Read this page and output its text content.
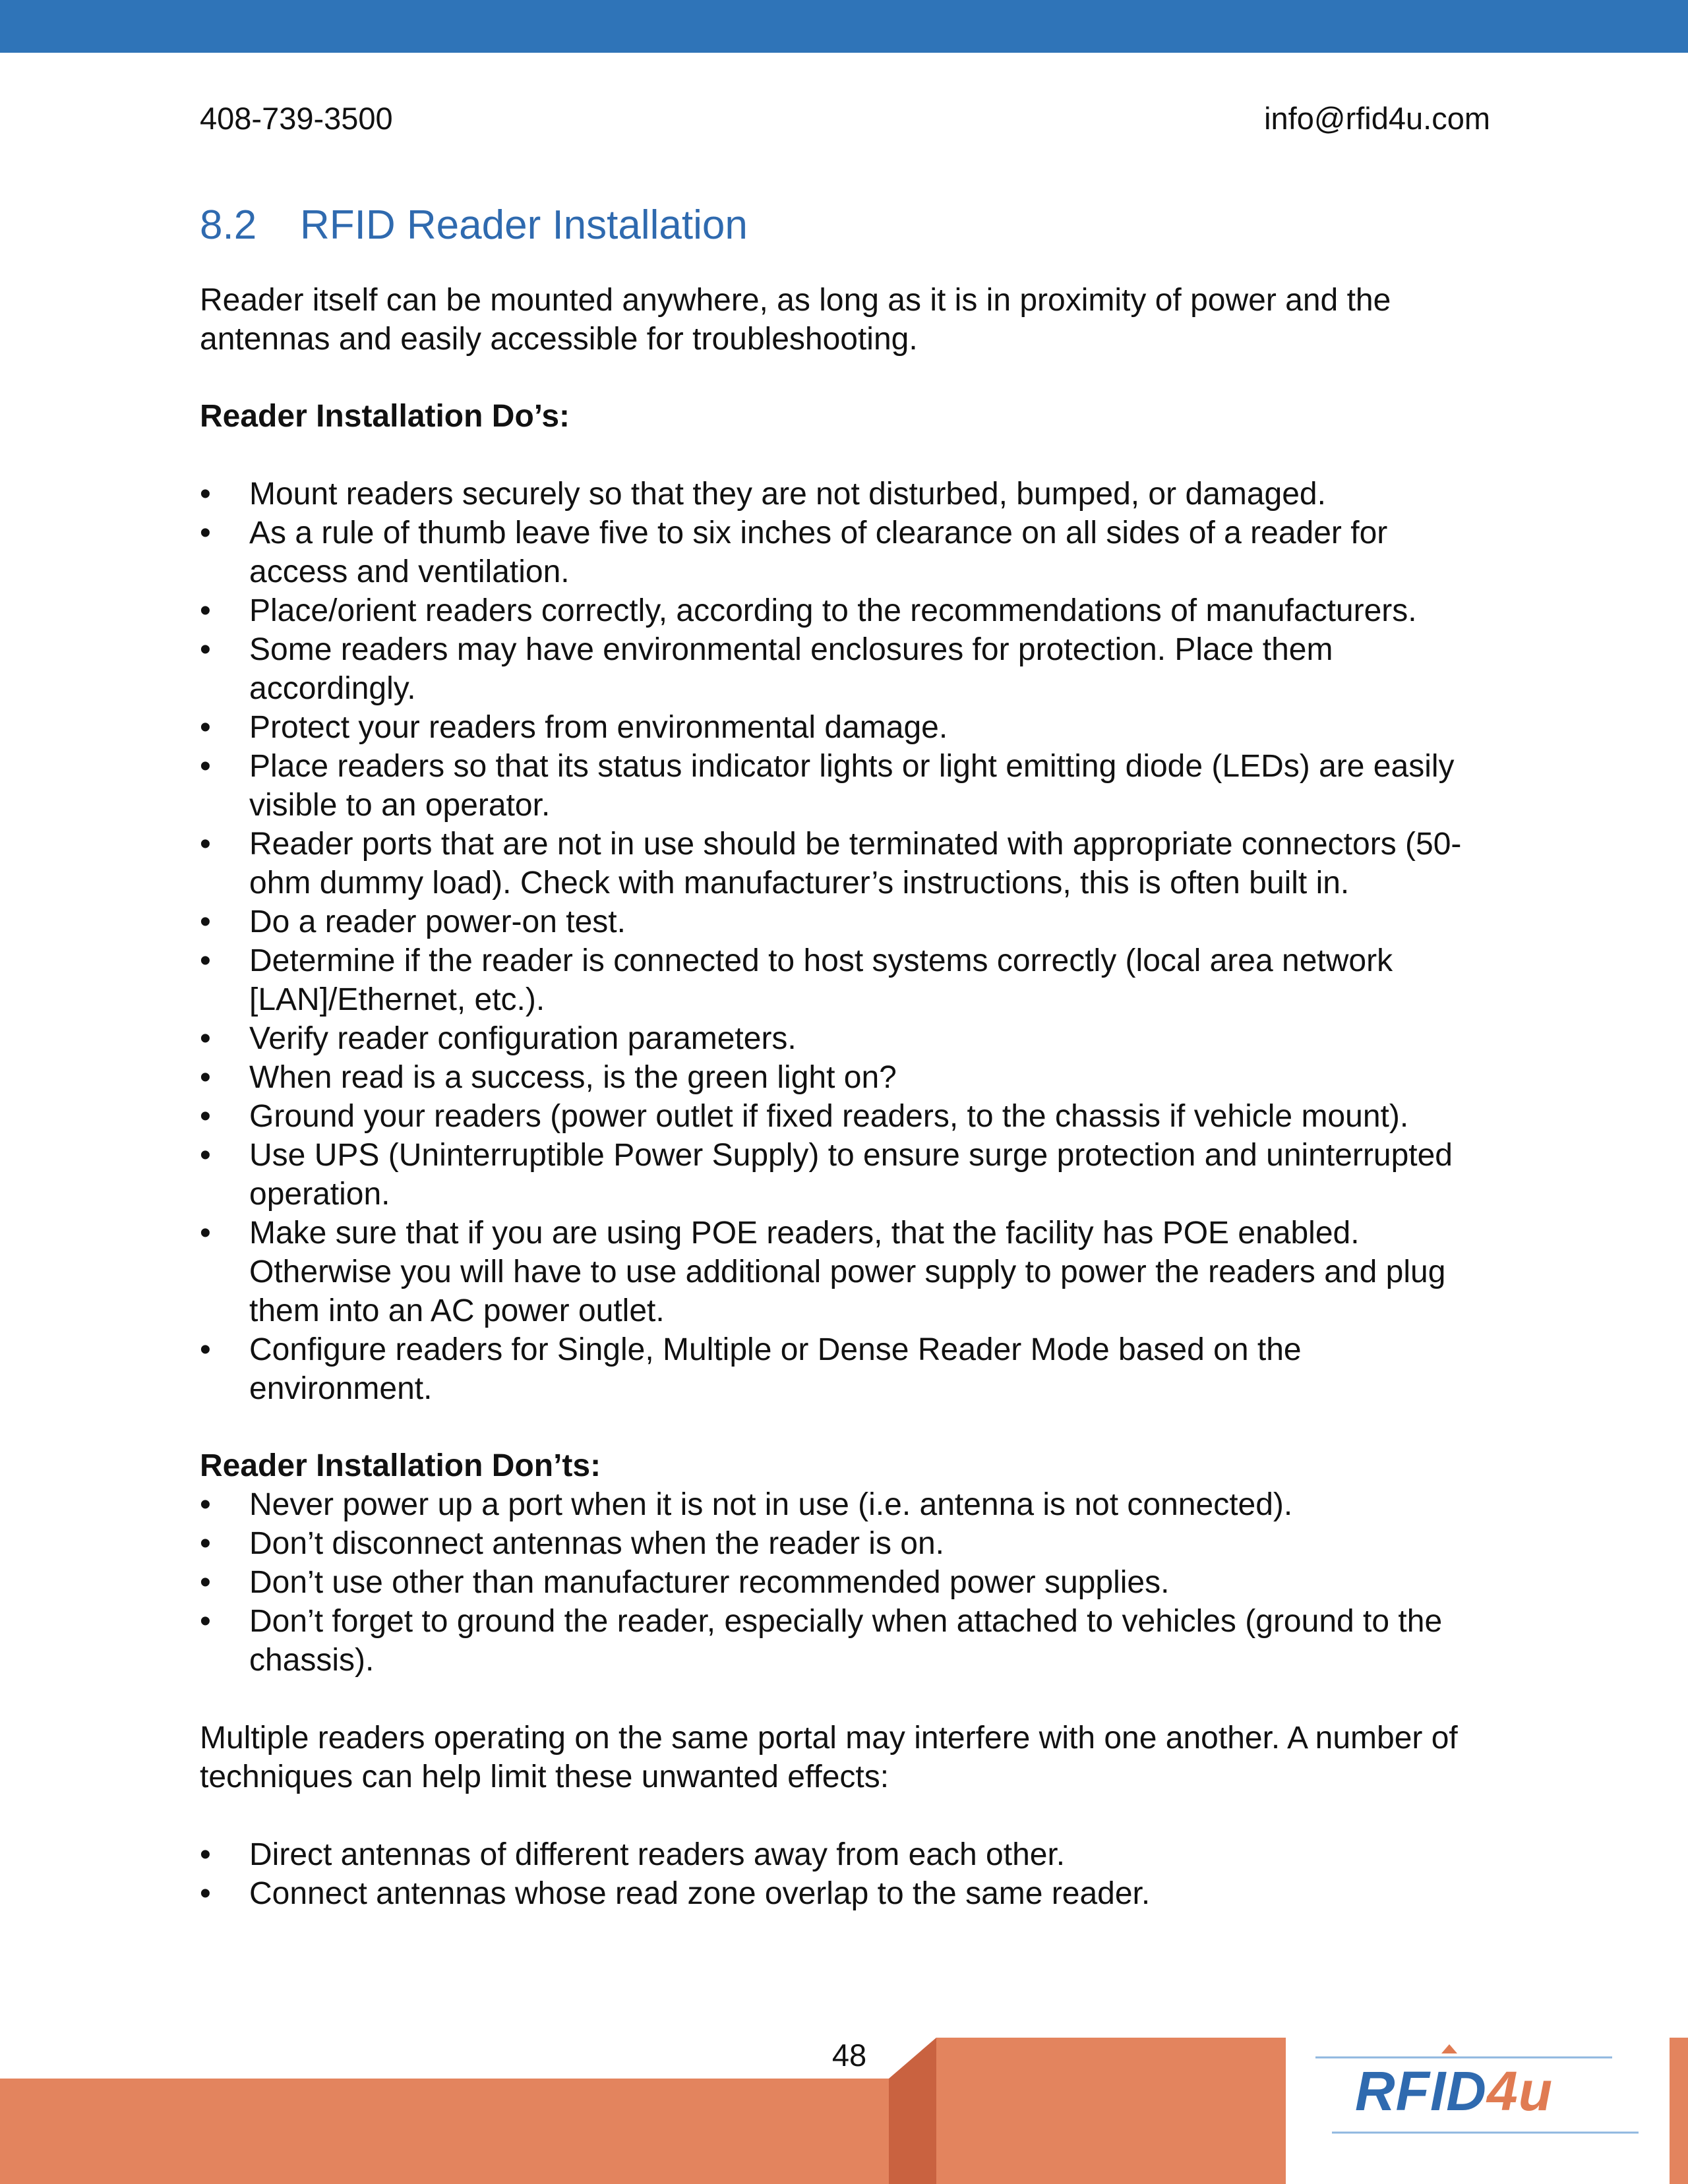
408-739-3500	info@rfid4u.com
8.2	RFID Reader Installation

Reader itself can be mounted anywhere, as long as it is in proximity of power and the antennas and easily accessible for troubleshooting.

Reader Installation Do’s:

• Mount readers securely so that they are not disturbed, bumped, or damaged.
• As a rule of thumb leave five to six inches of clearance on all sides of a reader for access and ventilation.
• Place/orient readers correctly, according to the recommendations of manufacturers.
• Some readers may have environmental enclosures for protection. Place them accordingly.
• Protect your readers from environmental damage.
• Place readers so that its status indicator lights or light emitting diode (LEDs) are easily visible to an operator.
• Reader ports that are not in use should be terminated with appropriate connectors (50-ohm dummy load). Check with manufacturer’s instructions, this is often built in.
• Do a reader power-on test.
• Determine if the reader is connected to host systems correctly (local area network [LAN]/Ethernet, etc.).
• Verify reader configuration parameters.
• When read is a success, is the green light on?
• Ground your readers (power outlet if fixed readers, to the chassis if vehicle mount).
• Use UPS (Uninterruptible Power Supply) to ensure surge protection and uninterrupted operation.
• Make sure that if you are using POE readers, that the facility has POE enabled. Otherwise you will have to use additional power supply to power the readers and plug them into an AC power outlet.
• Configure readers for Single, Multiple or Dense Reader Mode based on the environment.

Reader Installation Don’ts:

• Never power up a port when it is not in use (i.e. antenna is not connected).
• Don’t disconnect antennas when the reader is on.
• Don’t use other than manufacturer recommended power supplies.
• Don’t forget to ground the reader, especially when attached to vehicles (ground to the chassis).

Multiple readers operating on the same portal may interfere with one another. A number of techniques can help limit these unwanted effects:

• Direct antennas of different readers away from each other.
• Connect antennas whose read zone overlap to the same reader.
48
RFID4u
